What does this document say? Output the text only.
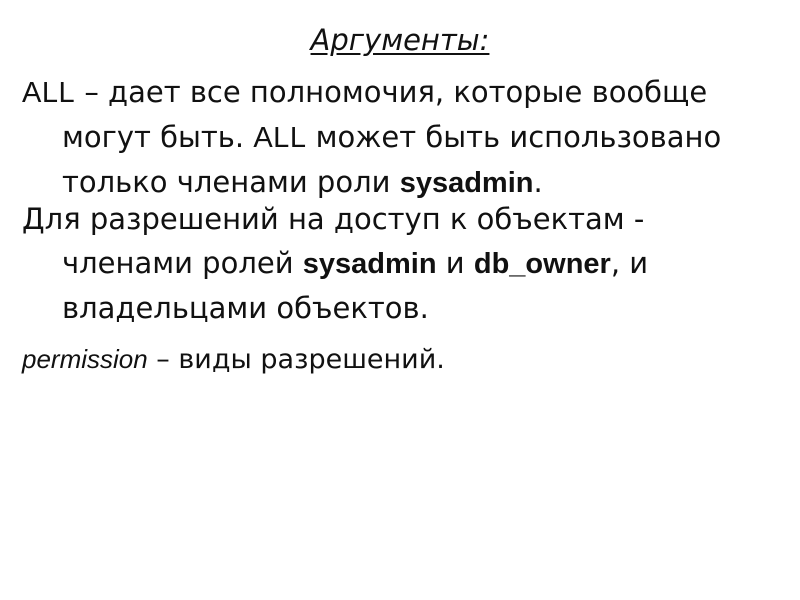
Аргументы:
ALL – дает все полномочия, которые вообще
могут быть. ALL может быть использовано
только членами роли sysadmin.
Для разрешений на доступ к объектам -
членами ролей sysadmin и db_owner, и
владельцами объектов.
permission – виды разрешений.
